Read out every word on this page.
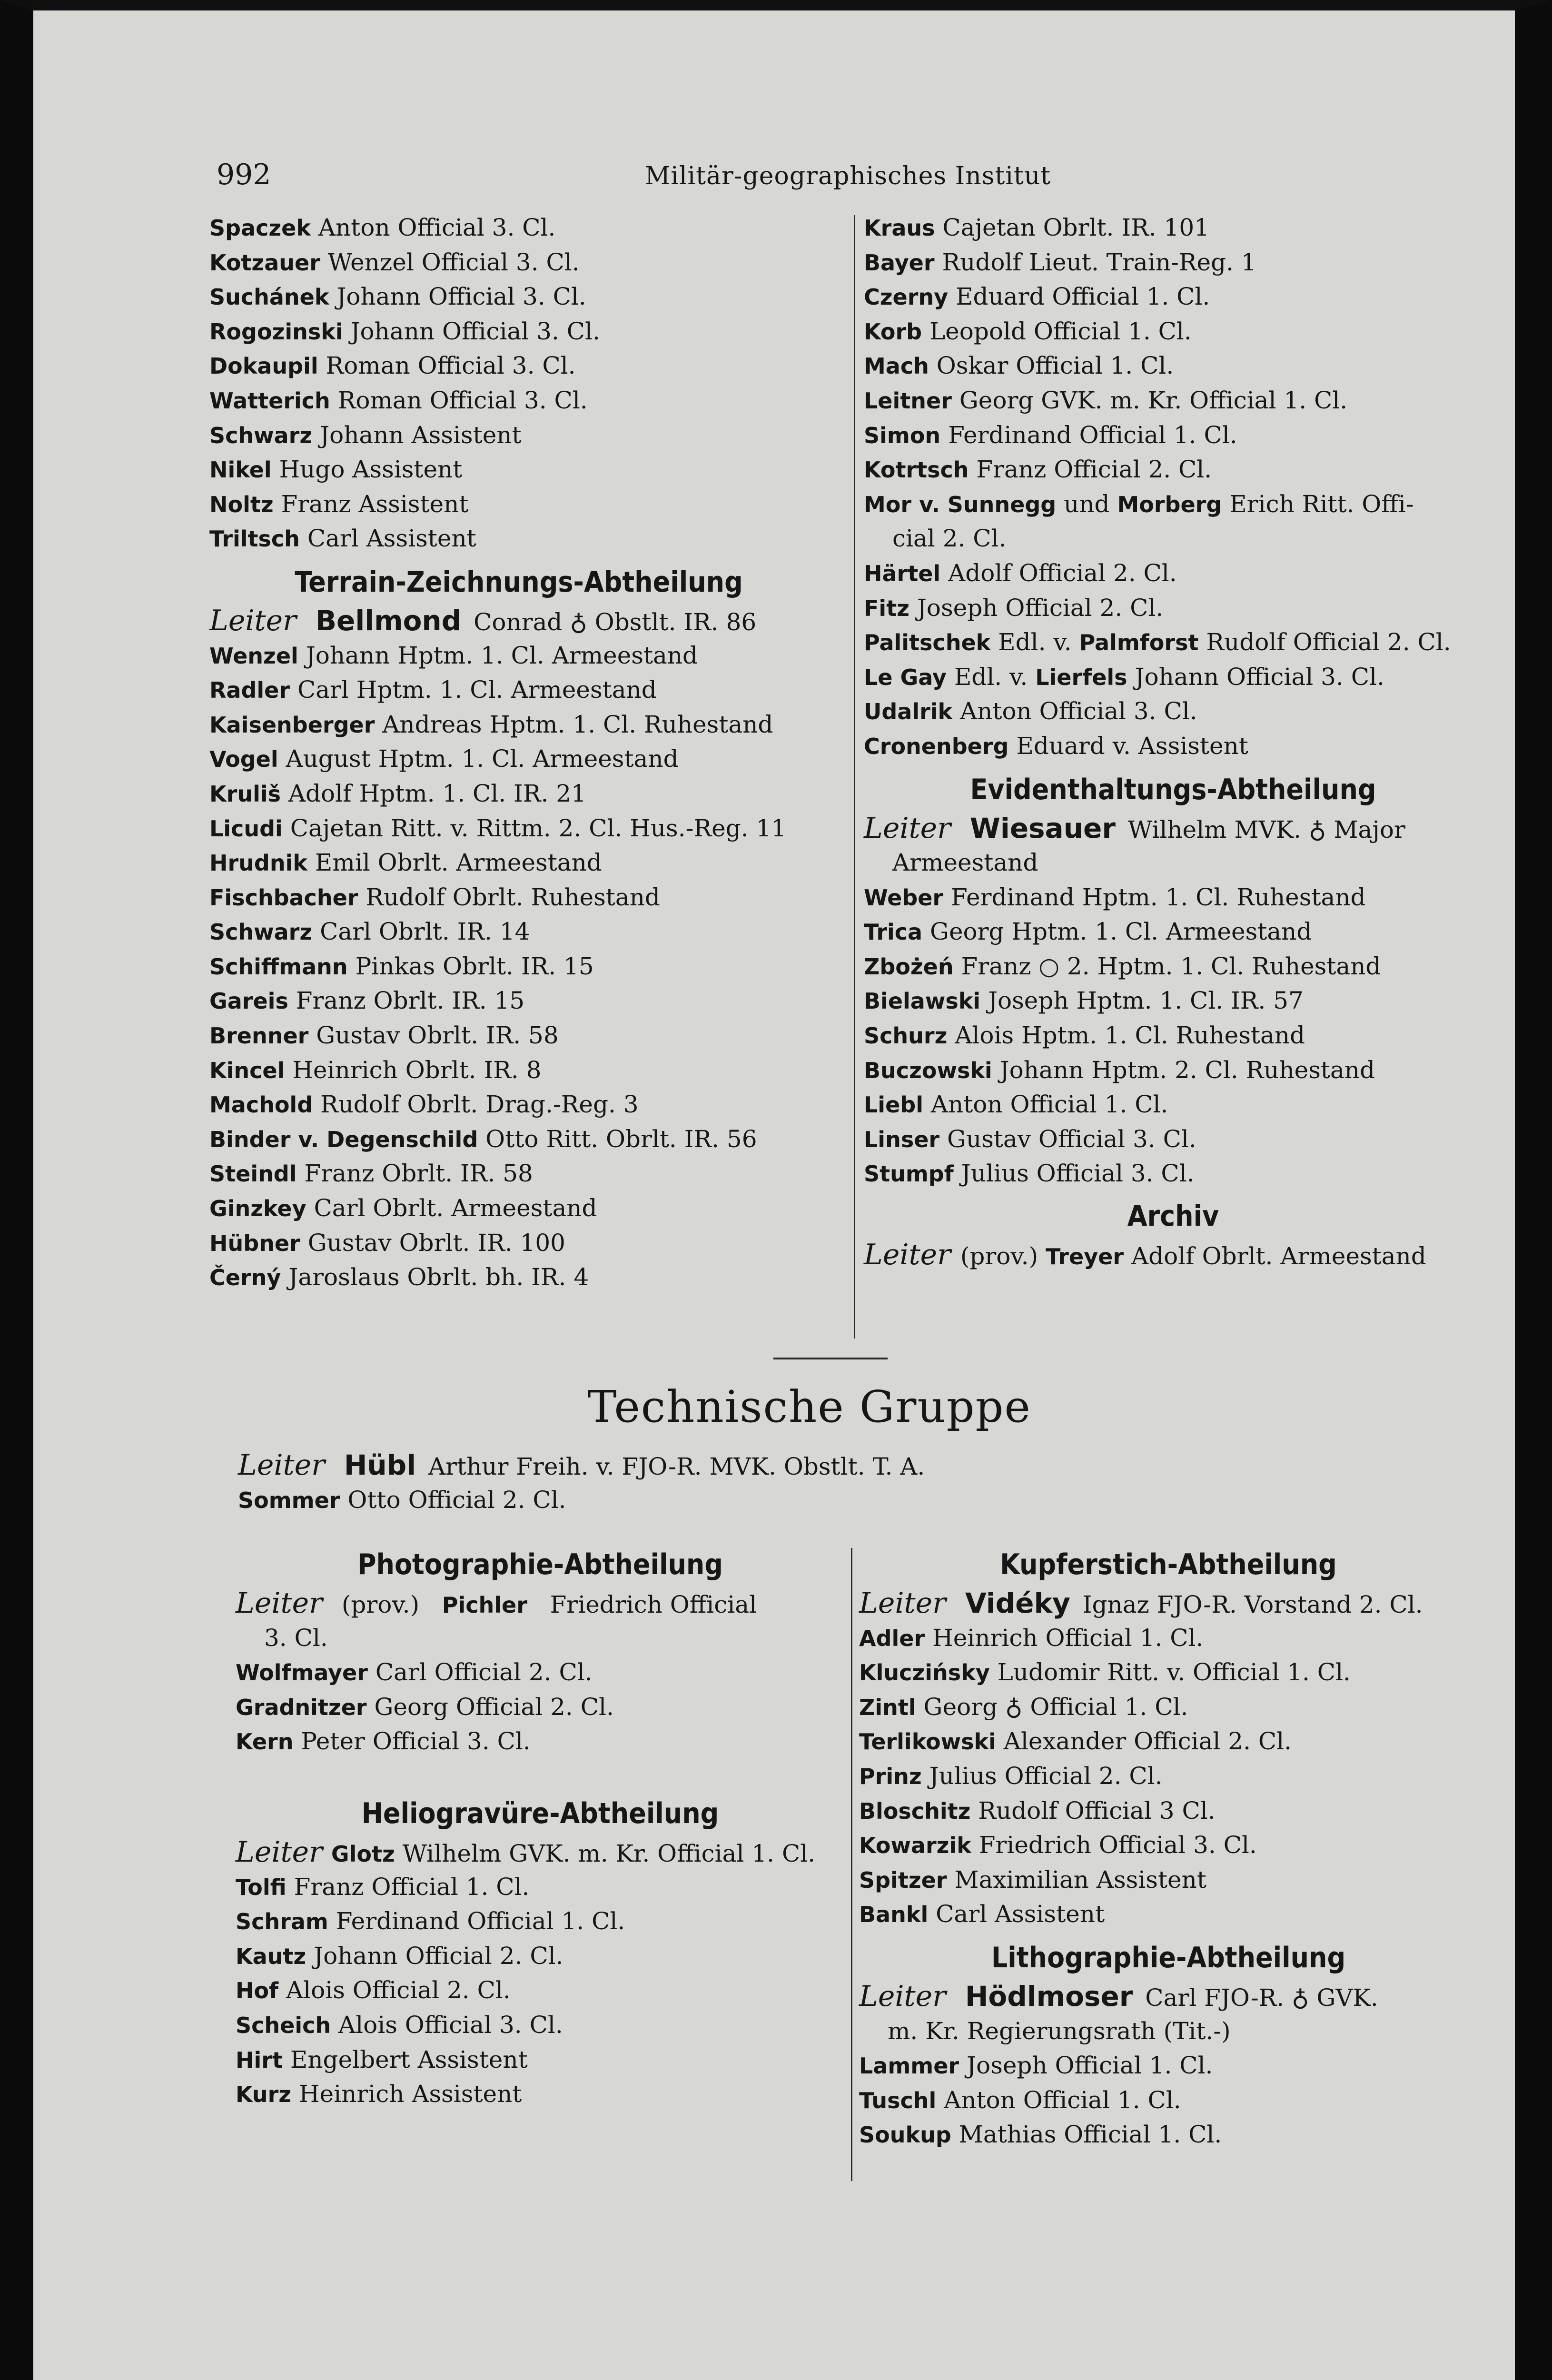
992	Militär-geographisches Institut
Spaczek Anton Official 3. Cl.
Kotzauer Wenzel Official 3. Cl.
Suchánek Johann Official 3. Cl.
Rogozinski Johann Official 3. Cl.
Dokaupil Roman Official 3. Cl.
Watterich Roman Official 3. Cl.
Schwarz Johann Assistent
Nikel Hugo Assistent
Noltz Franz Assistent
Triltsch Carl Assistent
Terrain-Zeichnungs-Abtheilung
Leiter Bellmond Conrad ♁ Obstlt. IR. 86
Wenzel Johann Hptm. 1. Cl. Armeestand
Radler Carl Hptm. 1. Cl. Armeestand
Kaisenberger Andreas Hptm. 1. Cl. Ruhestand
Vogel August Hptm. 1. Cl. Armeestand
Kruliš Adolf Hptm. 1. Cl. IR. 21
Licudi Cajetan Ritt. v. Rittm. 2. Cl. Hus.-Reg. 11
Hrudnik Emil Obrlt. Armeestand
Fischbacher Rudolf Obrlt. Ruhestand
Schwarz Carl Obrlt. IR. 14
Schiffmann Pinkas Obrlt. IR. 15
Gareis Franz Obrlt. IR. 15
Brenner Gustav Obrlt. IR. 58
Kincel Heinrich Obrlt. IR. 8
Machold Rudolf Obrlt. Drag.-Reg. 3
Binder v. Degenschild Otto Ritt. Obrlt. IR. 56
Steindl Franz Obrlt. IR. 58
Ginzkey Carl Obrlt. Armeestand
Hübner Gustav Obrlt. IR. 100
Černý Jaroslaus Obrlt. bh. IR. 4
Kraus Cajetan Obrlt. IR. 101
Bayer Rudolf Lieut. Train-Reg. 1
Czerny Eduard Official 1. Cl.
Korb Leopold Official 1. Cl.
Mach Oskar Official 1. Cl.
Leitner Georg GVK. m. Kr. Official 1. Cl.
Simon Ferdinand Official 1. Cl.
Kotrtsch Franz Official 2. Cl.
Mor v. Sunnegg und Morberg Erich Ritt. Offi-
cial 2. Cl.
Härtel Adolf Official 2. Cl.
Fitz Joseph Official 2. Cl.
Palitschek Edl. v. Palmforst Rudolf Official 2. Cl.
Le Gay Edl. v. Lierfels Johann Official 3. Cl.
Udalrik Anton Official 3. Cl.
Cronenberg Eduard v. Assistent
Evidenthaltungs-Abtheilung
Leiter Wiesauer Wilhelm MVK. ♁ Major
Armeestand
Weber Ferdinand Hptm. 1. Cl. Ruhestand
Trica Georg Hptm. 1. Cl. Armeestand
Zbożeń Franz ○ 2. Hptm. 1. Cl. Ruhestand
Bielawski Joseph Hptm. 1. Cl. IR. 57
Schurz Alois Hptm. 1. Cl. Ruhestand
Buczowski Johann Hptm. 2. Cl. Ruhestand
Liebl Anton Official 1. Cl.
Linser Gustav Official 3. Cl.
Stumpf Julius Official 3. Cl.
Archiv
Leiter (prov.) Treyer Adolf Obrlt. Armeestand
Technische Gruppe
Leiter Hübl Arthur Freih. v. FJO-R. MVK. Obstlt. T. A.
Sommer Otto Official 2. Cl.
Photographie-Abtheilung
Leiter (prov.) Pichler Friedrich Official
3. Cl.
Wolfmayer Carl Official 2. Cl.
Gradnitzer Georg Official 2. Cl.
Kern Peter Official 3. Cl.
Heliogravüre-Abtheilung
Leiter Glotz Wilhelm GVK. m. Kr. Official 1. Cl.
Tolfi Franz Official 1. Cl.
Schram Ferdinand Official 1. Cl.
Kautz Johann Official 2. Cl.
Hof Alois Official 2. Cl.
Scheich Alois Official 3. Cl.
Hirt Engelbert Assistent
Kurz Heinrich Assistent
Kupferstich-Abtheilung
Leiter Vidéky Ignaz FJO-R. Vorstand 2. Cl.
Adler Heinrich Official 1. Cl.
Kluczińsky Ludomir Ritt. v. Official 1. Cl.
Zintl Georg ♁ Official 1. Cl.
Terlikowski Alexander Official 2. Cl.
Prinz Julius Official 2. Cl.
Bloschitz Rudolf Official 3 Cl.
Kowarzik Friedrich Official 3. Cl.
Spitzer Maximilian Assistent
Bankl Carl Assistent
Lithographie-Abtheilung
Leiter Hödlmoser Carl FJO-R. ♁ GVK.
m. Kr. Regierungsrath (Tit.-)
Lammer Joseph Official 1. Cl.
Tuschl Anton Official 1. Cl.
Soukup Mathias Official 1. Cl.
